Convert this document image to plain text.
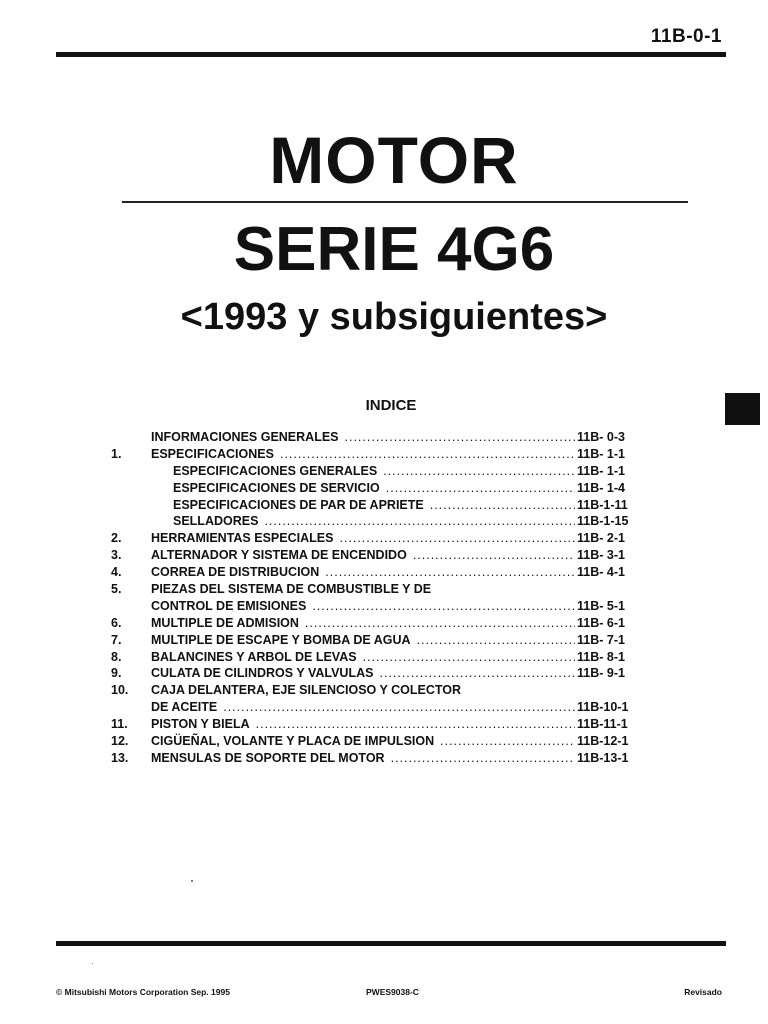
11B-0-1
MOTOR
SERIE 4G6
<1993 y subsiguientes>
INDICE
INFORMACIONES GENERALES .....	11B- 0-3
1.	ESPECIFICACIONES .....	11B- 1-1
ESPECIFICACIONES GENERALES .....	11B- 1-1
ESPECIFICACIONES DE SERVICIO .....	11B- 1-4
ESPECIFICACIONES DE PAR DE APRIETE .....	11B-1-11
SELLADORES .....	11B-1-15
2.	HERRAMIENTAS ESPECIALES .....	11B- 2-1
3.	ALTERNADOR Y SISTEMA DE ENCENDIDO .....	11B- 3-1
4.	CORREA DE DISTRIBUCION .....	11B- 4-1
5.	PIEZAS DEL SISTEMA DE COMBUSTIBLE Y DE
CONTROL DE EMISIONES .....	11B- 5-1
6.	MULTIPLE DE ADMISION .....	11B- 6-1
7.	MULTIPLE DE ESCAPE Y BOMBA DE AGUA .....	11B- 7-1
8.	BALANCINES Y ARBOL DE LEVAS .....	11B- 8-1
9.	CULATA DE CILINDROS Y VALVULAS .....	11B- 9-1
10.	CAJA DELANTERA, EJE SILENCIOSO Y COLECTOR
DE ACEITE .....	11B-10-1
11.	PISTON Y BIELA .....	11B-11-1
12.	CIGÜEÑAL, VOLANTE Y PLACA DE IMPULSION .....	11B-12-1
13.	MENSULAS DE SOPORTE DEL MOTOR .....	11B-13-1
© Mitsubishi Motors Corporation Sep. 1995	PWES9038-C	Revisado
